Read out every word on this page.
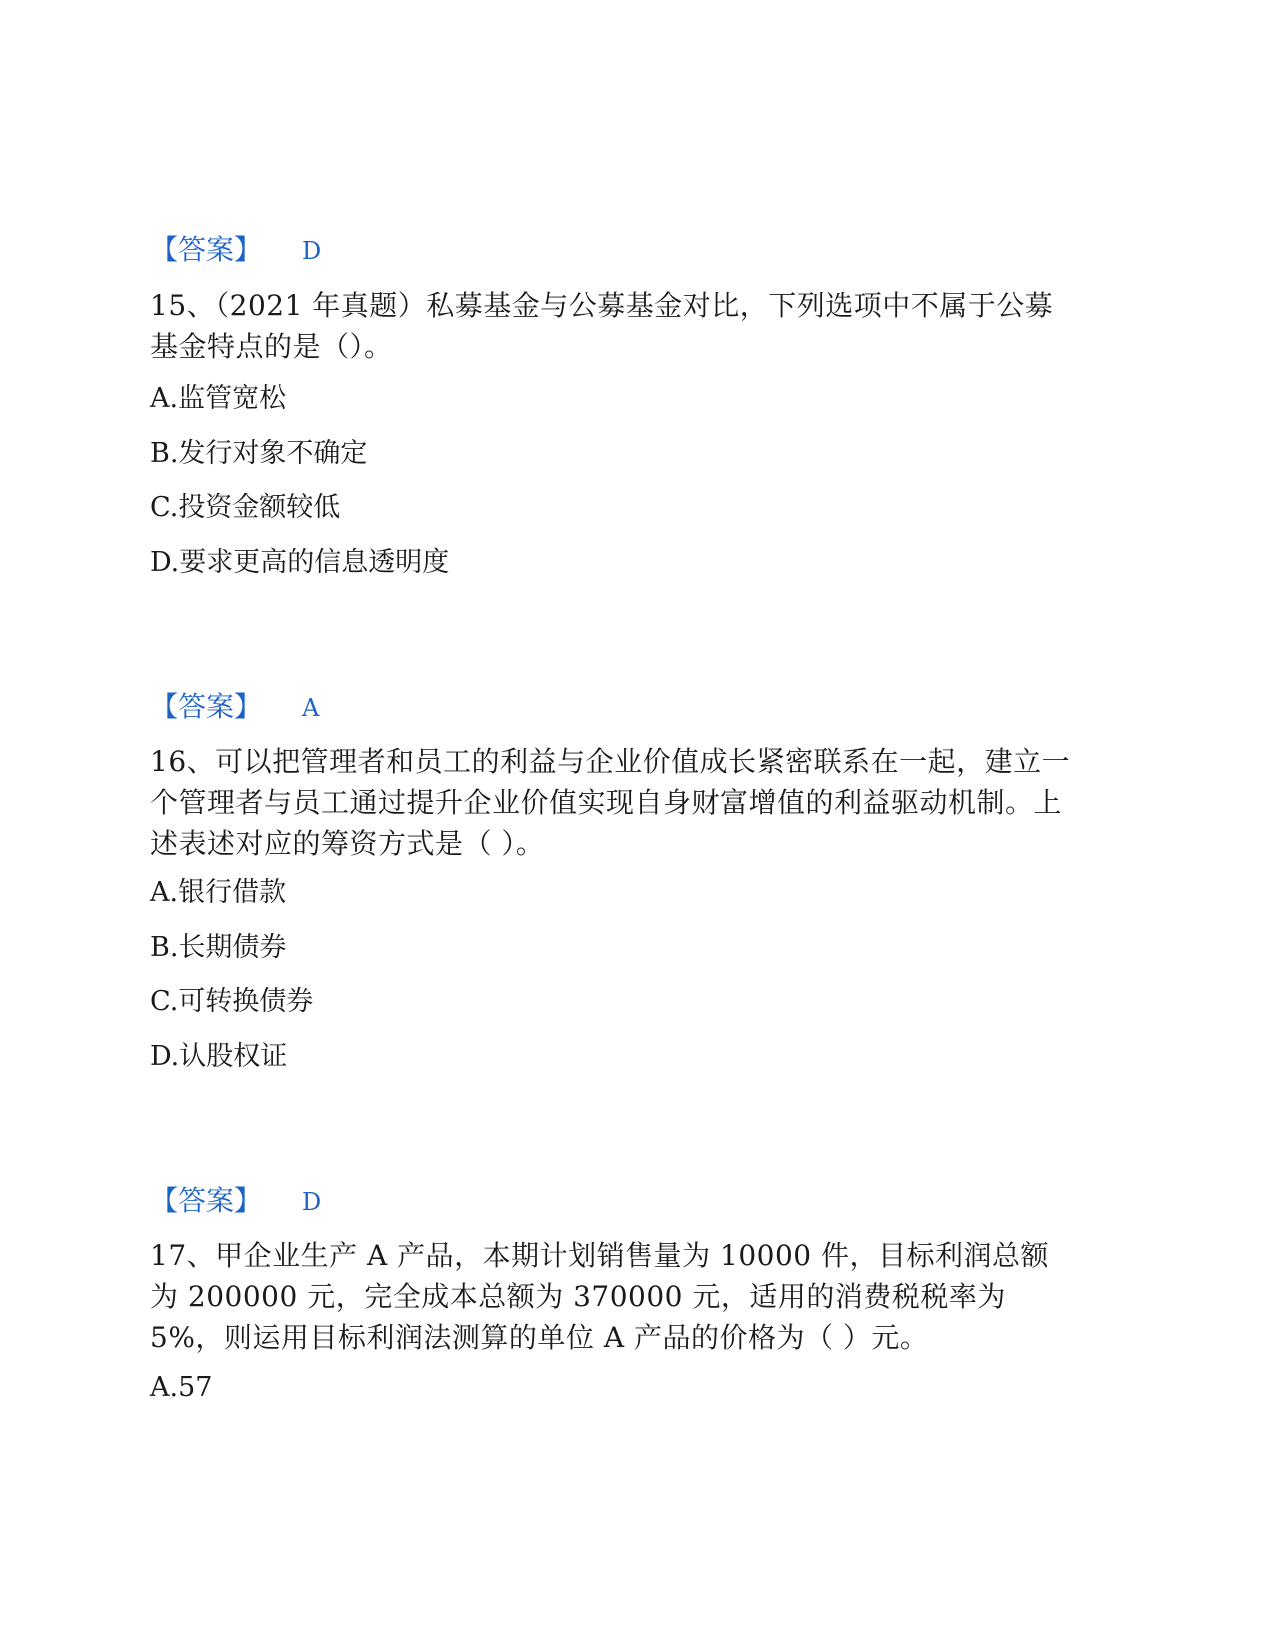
【答案】 D
15、（2021 年真题）私募基金与公募基金对比，下列选项中不属于公募基金特点的是（）。
A.监管宽松
B.发行对象不确定
C.投资金额较低
D.要求更高的信息透明度
【答案】 A
16、可以把管理者和员工的利益与企业价值成长紧密联系在一起，建立一个管理者与员工通过提升企业价值实现自身财富增值的利益驱动机制。上述表述对应的筹资方式是（ ）。
A.银行借款
B.长期债券
C.可转换债券
D.认股权证
【答案】 D
17、甲企业生产 A 产品，本期计划销售量为 10000 件，目标利润总额为 200000 元，完全成本总额为 370000 元，适用的消费税税率为 5%，则运用目标利润法测算的单位 A 产品的价格为（ ）元。
A.57
